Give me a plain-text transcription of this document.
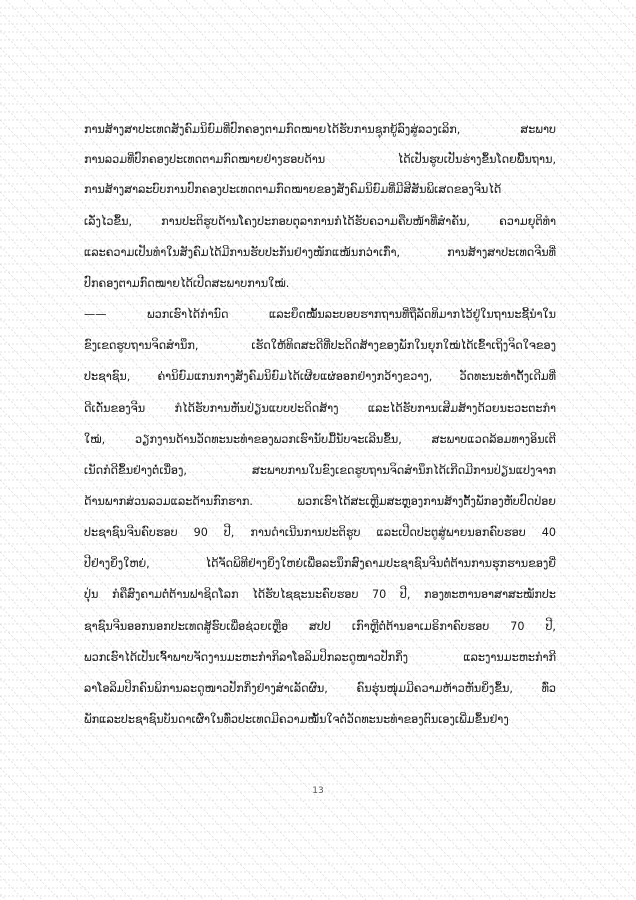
ການສ້າງສາປະເທດສັງຄົມນິຍົມທີ່ປົກຄອງຕາມກົດໝາຍໄດ້ຮັບການຊຸກຍູ້ລົງສູ່ລວງເລິກ, ສະພາບ
ການລວມທີ່ປົກຄອງປະເທດຕາມກົດໝາຍຢ່າງຮອບດ້ານ ໄດ້ເປັນຮູບເປັນຮ່າງຂຶ້ນໂດຍພື້ນຖານ,
ການສ້າງສາລະບົບການປົກຄອງປະເທດຕາມກົດໝາຍຂອງສັງຄົມນິຍົມທີ່ມີສີສັນພິເສດຂອງຈີນໄດ້
ເລັ່ງໄວຂຶ້ນ, ການປະຕິຮູບດ້ານໂຄງປະກອບຕຸລາການກໍໄດ້ຮັບຄວາມຄືບໜ້າທີ່ສຳຄັນ, ຄວາມຍຸຕິທຳ
ແລະຄວາມເປັນທຳໃນສັງຄົມໄດ້ມີການຮັບປະກັນຢ່າງໜັກແໜ້ນກວ່າເກົ່າ, ການສ້າງສາປະເທດຈີນທີ່
ປົກຄອງຕາມກົດໝາຍໄດ້ເປີດສະພາບການໃໝ່.
—— ພວກເຮົາໄດ້ກຳນົດ ແລະຍຶດໝັ້ນລະບອບຮາກຖານທີ່ຖືລັດທິມາກໄວ້ຢູ່ໃນຖານະຊີ້ນຳໃນ
ຂົງເຂດຮູບຖານຈິດສຳນຶກ, ເຮັດໃຫ້ທິດສະດີທີ່ປະດິດສ້າງຂອງພັກໃນຍຸກໃໝ່ໄດ້ເຂົ້າເຖິງຈິດໃຈຂອງ
ປະຊາຊົນ, ຄ່ານິຍົມແກນກາງສັງຄົມນິຍົມໄດ້ເຜີຍແຜ່ອອກຢ່າງກວ້າງຂວາງ, ວັດທະນະທຳດັ້ງເດີມທີ່
ດີເດັ່ນຂອງຈີນ ກໍໄດ້ຮັບການຫັນປ່ຽນແບບປະດິດສ້າງ ແລະໄດ້ຮັບການເສີມສ້າງດ້ວຍນະວະຕະກຳ
ໃໝ່, ວຽກງານດ້ານວັດທະນະທຳຂອງພວກເຮົານັບມື້ນັບຈະເລີນຂຶ້ນ, ສະພາບແວດລ້ອມທາງອິນເຕີ
ເນັດກໍດີຂຶ້ນຢ່າງຕໍ່ເນື່ອງ, ສະພາບການໃນຂົງເຂດຮູບຖານຈິດສຳນຶກໄດ້ເກີດມີການປ່ຽນແປງຈາກ
ດ້ານພາກສ່ວນລວມແລະດ້ານກົກຮາກ. ພວກເຮົາໄດ້ສະເຫຼີມສະຫຼອງການສ້າງຕັ້ງພັກອງຫັບປົດປ່ອຍ
ປະຊາຊົນຈີນຄົບຮອບ 90 ປີ, ການດຳເນີນການປະຕິຮູບ ແລະເປີດປະຕູສູ່ພາຍນອກຄົບຮອບ 40
ປີຢ່າງຍິ່ງໃຫຍ່, ໄດ້ຈັດພິທີຢ່າງຍິ່ງໃຫຍ່ເພື່ອລະນຶກສົງຄາມປະຊາຊົນຈີນຕໍ່ຕ້ານການຮຸກຮານຂອງຍີ່
ປຸ່ນ ກໍຄືສົງຄາມຕໍ່ຕ້ານຟາຊິດໂລກ ໄດ້ຮັບໄຊຊະນະຄົບຮອບ 70 ປີ, ກອງທະຫານອາສາສະໝັກປະ
ຊາຊົນຈີນອອກນອກປະເທດສູ້ຮົບເພື່ອຊ່ວຍເຫຼືອ ສປປ ເກົາຫຼີຕໍ່ຕ້ານອາເມຣິກາຄົບຮອບ 70 ປີ,
ພວກເຮົາໄດ້ເປັນເຈົ້າພາບຈັດງານມະຫະກຳກິລາໂອລິມປິກລະດູໜາວປັກກິ່ງ ແລະງານມະຫະກຳກີ
ລາໂອລິມປິກຄົນພິການລະດູໜາວປັກກິ່ງຢ່າງສຳເລັດຜົນ, ຄົນຮຸ່ນໜຸ່ມມີຄວາມຫ້າວຫັນຍິ່ງຂຶ້ນ, ທົ່ວ
ພັກແລະປະຊາຊົນບັນດາເຜົ່າໃນທົ່ວປະເທດມີຄວາມໝັ້ນໃຈຕໍ່ວັດທະນະທຳຂອງຕົນເອງເພີ່ມຂຶ້ນຢ່າງ
13
